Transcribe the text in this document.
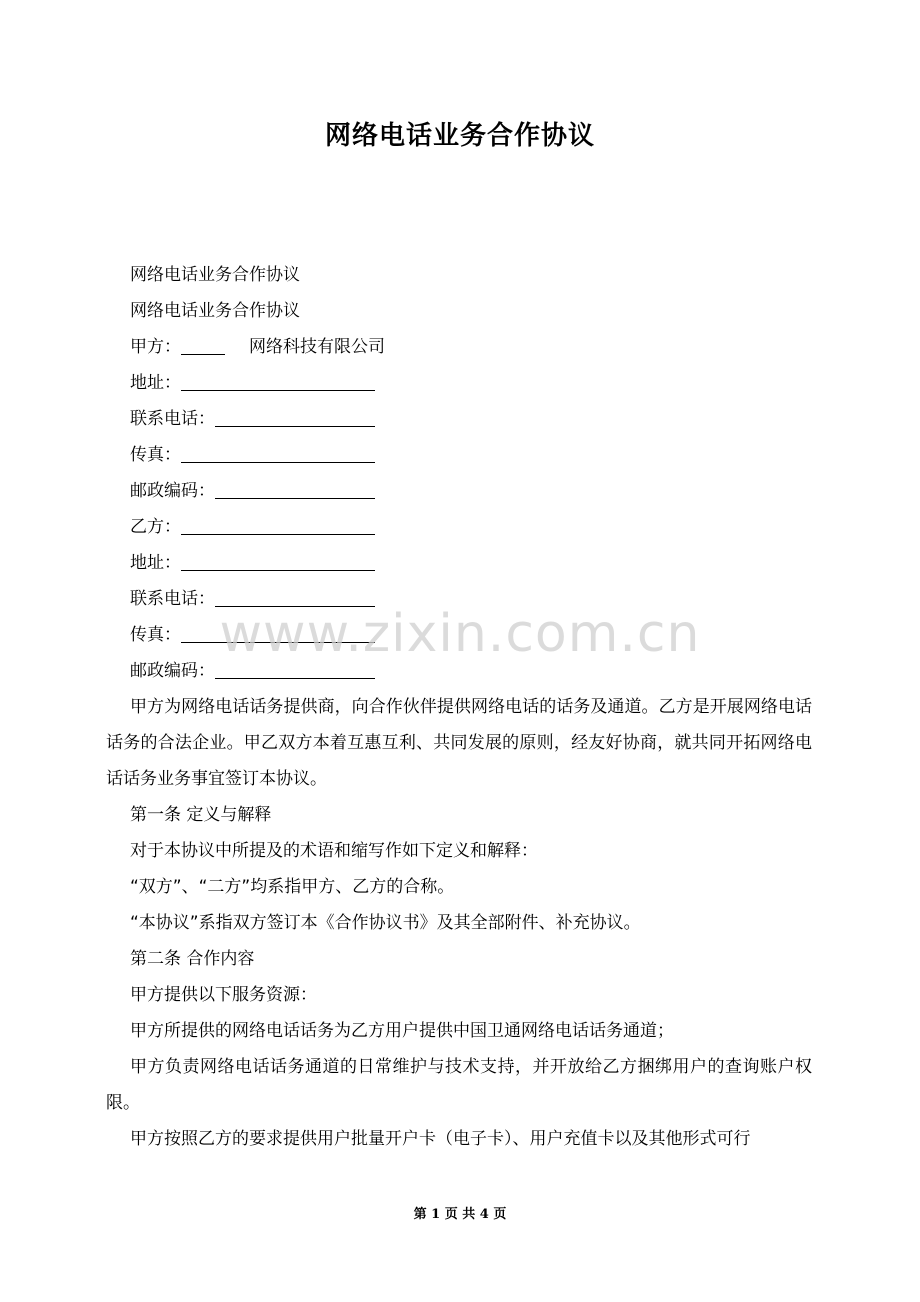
网络电话业务合作协议

网络电话业务合作协议

网络电话业务合作协议

甲方：	网络科技有限公司

地址：

联系电话：

传真：

邮政编码：

乙方：

地址：

联系电话：

传真：

邮政编码：

甲方为网络电话话务提供商，向合作伙伴提供网络电话的话务及通道。乙方是开展网络电话话务的合法企业。甲乙双方本着互惠互利、共同发展的原则，经友好协商，就共同开拓网络电话话务业务事宜签订本协议。

第一条 定义与解释

对于本协议中所提及的术语和缩写作如下定义和解释：

“双方”、“二方”均系指甲方、乙方的合称。

“本协议”系指双方签订本《合作协议书》及其全部附件、补充协议。

第二条 合作内容

甲方提供以下服务资源：

甲方所提供的网络电话话务为乙方用户提供中国卫通网络电话话务通道；

甲方负责网络电话话务通道的日常维护与技术支持，并开放给乙方捆绑用户的查询账户权限。

甲方按照乙方的要求提供用户批量开户卡（电子卡）、用户充值卡以及其他形式可行

www.zixin.com.cn
第 1 页 共 4 页
